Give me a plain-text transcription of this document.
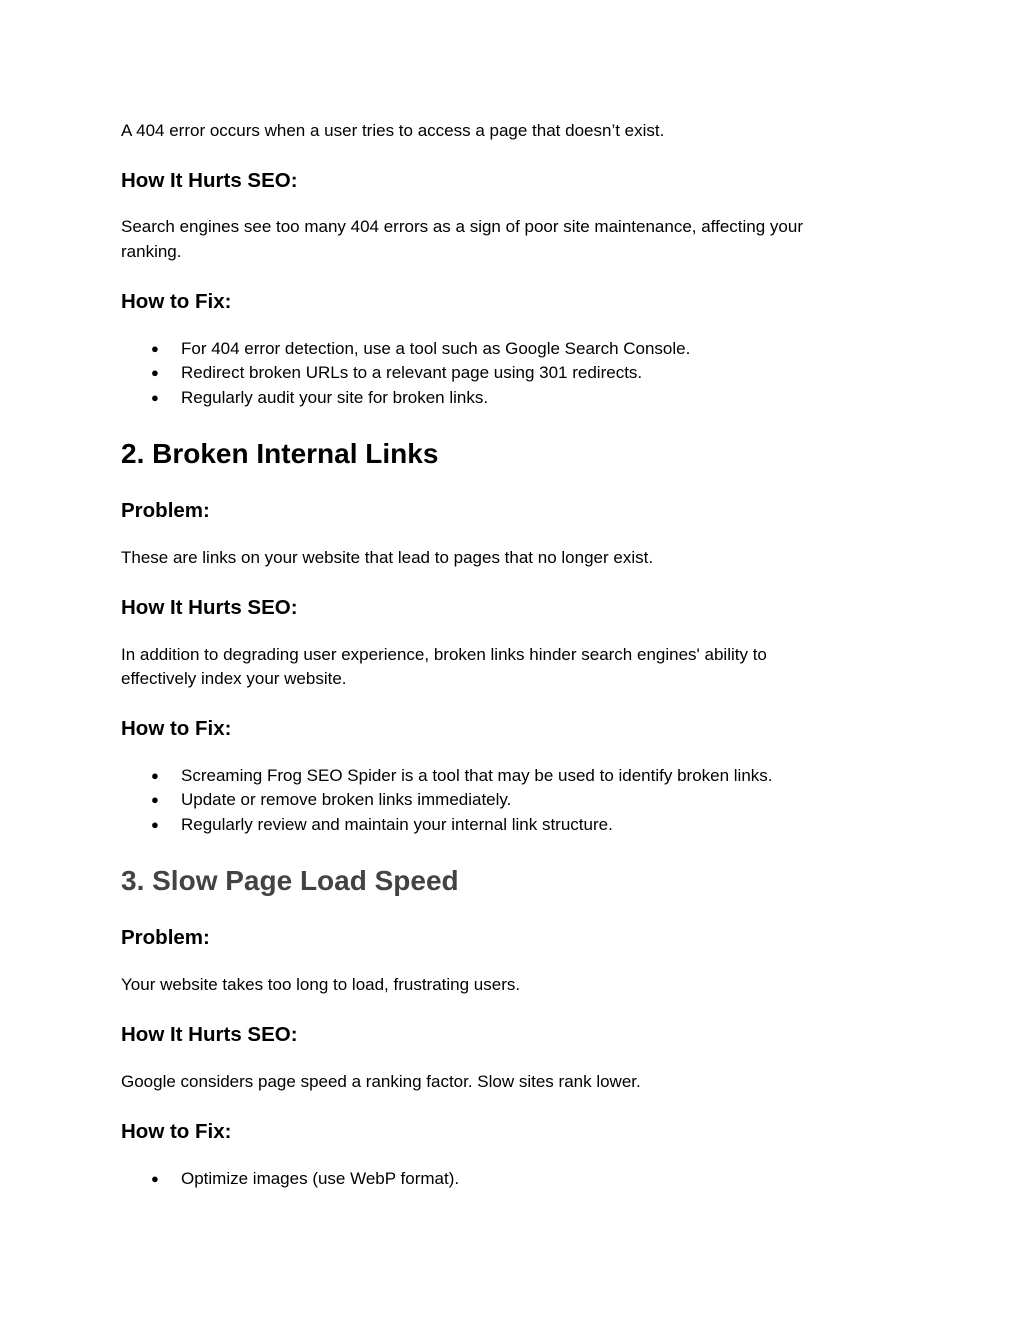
A 404 error occurs when a user tries to access a page that doesn’t exist.

How It Hurts SEO:

Search engines see too many 404 errors as a sign of poor site maintenance, affecting your

ranking.

How to Fix:
● For 404 error detection, use a tool such as Google Search Console.
● Redirect broken URLs to a relevant page using 301 redirects.
● Regularly audit your site for broken links.
2. Broken Internal Links
Problem:

These are links on your website that lead to pages that no longer exist.

How It Hurts SEO:

In addition to degrading user experience, broken links hinder search engines' ability to

effectively index your website.

How to Fix:
● Screaming Frog SEO Spider is a tool that may be used to identify broken links.
● Update or remove broken links immediately.
● Regularly review and maintain your internal link structure.
3. Slow Page Load Speed
Problem:

Your website takes too long to load, frustrating users.

How It Hurts SEO:

Google considers page speed a ranking factor. Slow sites rank lower.

How to Fix:
● Optimize images (use WebP format).
